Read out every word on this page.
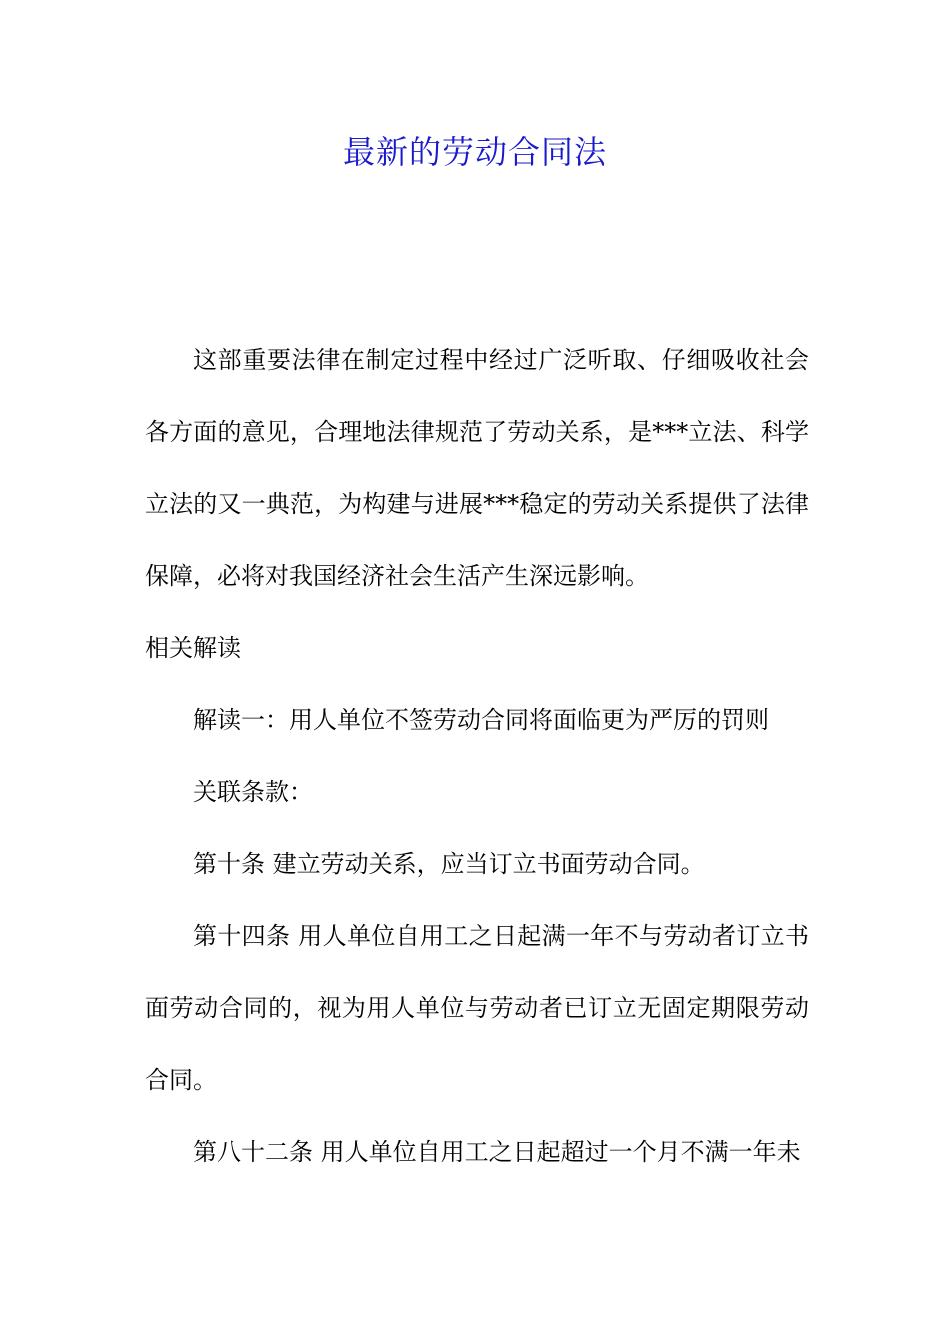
最新的劳动合同法

这部重要法律在制定过程中经过广泛听取、仔细吸收社会各方面的意见，合理地法律规范了劳动关系，是***立法、科学立法的又一典范，为构建与进展***稳定的劳动关系提供了法律保障，必将对我国经济社会生活产生深远影响。

相关解读

解读一：用人单位不签劳动合同将面临更为严厉的罚则

关联条款：

第十条 建立劳动关系，应当订立书面劳动合同。

第十四条 用人单位自用工之日起满一年不与劳动者订立书面劳动合同的，视为用人单位与劳动者已订立无固定期限劳动合同。

第八十二条 用人单位自用工之日起超过一个月不满一年未
